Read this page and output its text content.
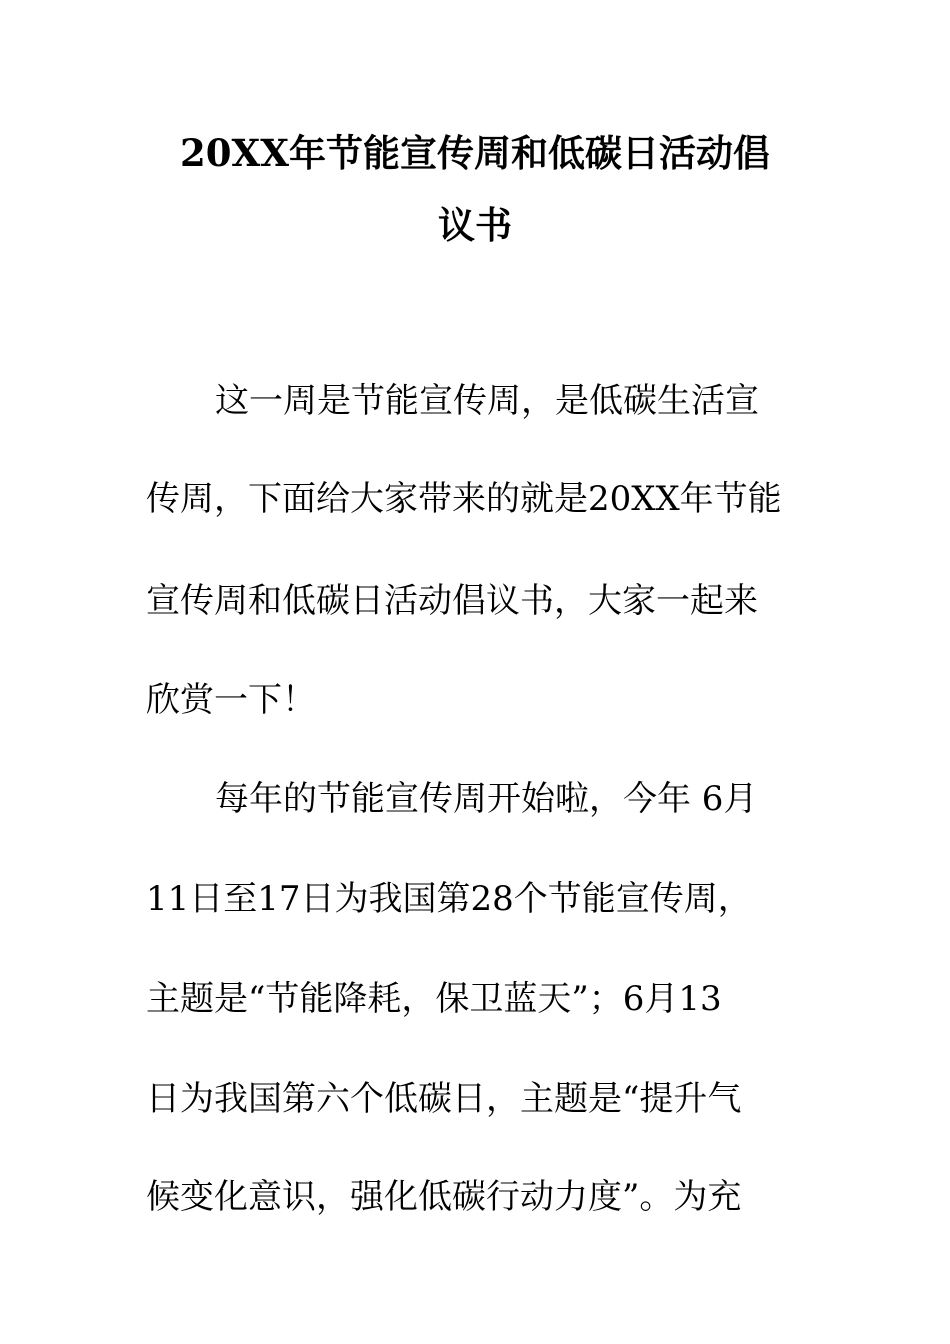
20XX年节能宣传周和低碳日活动倡
议书
这一周是节能宣传周，是低碳生活宣
传周，下面给大家带来的就是20XX年节能
宣传周和低碳日活动倡议书，大家一起来
欣赏一下！
每年的节能宣传周开始啦，今年 6月
11日至17日为我国第28个节能宣传周，
主题是“节能降耗，保卫蓝天”；6月13
日为我国第六个低碳日，主题是“提升气
候变化意识，强化低碳行动力度”。为充
